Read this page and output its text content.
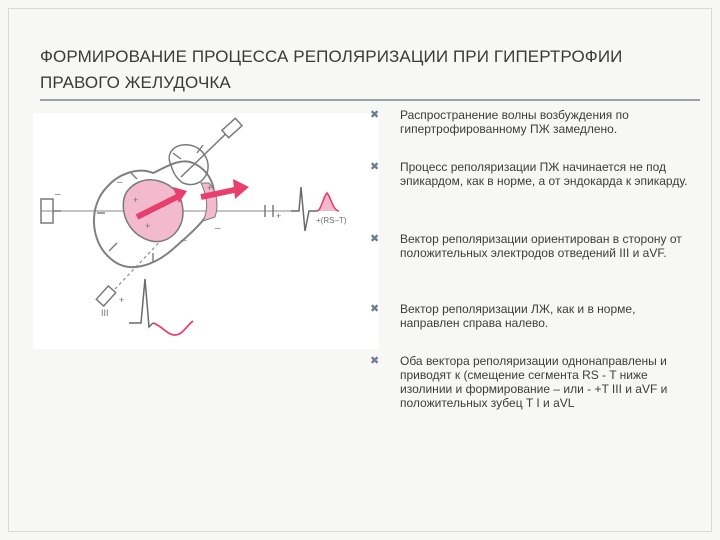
ФОРМИРОВАНИЕ ПРОЦЕССА РЕПОЛЯРИЗАЦИИ ПРИ ГИПЕРТРОФИИ
ПРАВОГО ЖЕЛУДОЧКА
–
+
III
+
+
+
+
–
–
–
+(RS–T)
✖ Распространение волны возбуждения по гипертрофированному ПЖ замедлено.
✖ Процесс реполяризации ПЖ начинается не под эпикардом, как в норме, а от эндокарда к эпикарду.
✖ Вектор реполяризации ориентирован в сторону от положительных электродов отведений III и aVF.
✖ Вектор реполяризации ЛЖ, как и в норме, направлен справа налево.
✖ Оба вектора реполяризации однонаправлены и приводят к (смещение сегмента RS - T ниже изолинии и формирование – или - +T III и aVF и положительных зубец T I и aVL
